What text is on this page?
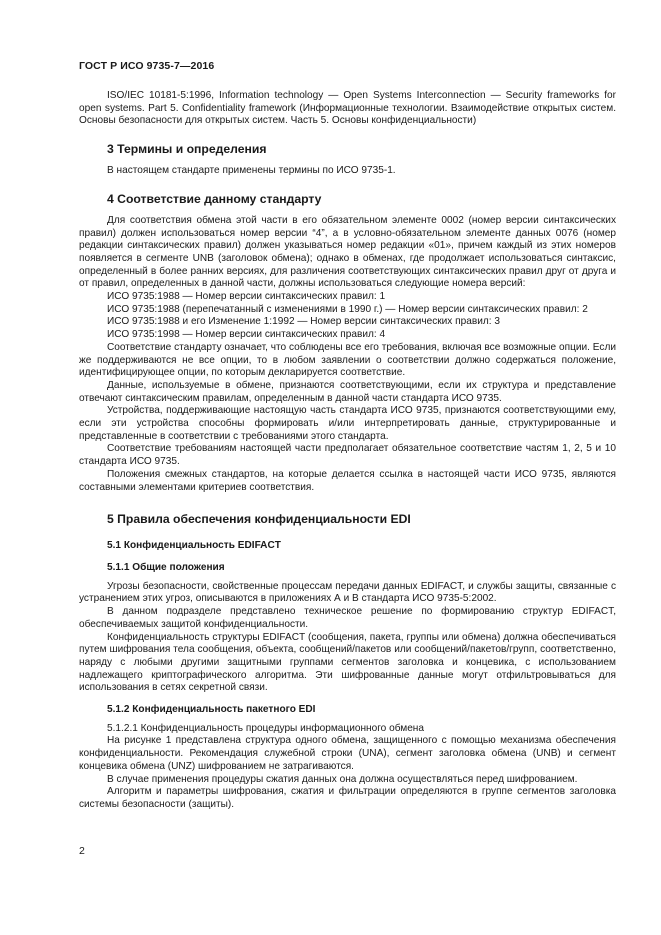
ГОСТ Р ИСО 9735-7—2016

ISO/IEC 10181-5:1996, Information technology — Open Systems Interconnection — Security frameworks for open systems. Part 5. Confidentiality framework (Информационные технологии. Взаимодействие открытых систем. Основы безопасности для открытых систем. Часть 5. Основы конфиденциальности)

3 Термины и определения

В настоящем стандарте применены термины по ИСО 9735-1.

4 Соответствие данному стандарту

Для соответствия обмена этой части в его обязательном элементе 0002 (номер версии синтаксических правил) должен использоваться номер версии “4”, а в условно-обязательном элементе данных 0076 (номер редакции синтаксических правил) должен указываться номер редакции «01», причем каждый из этих номеров появляется в сегменте UNB (заголовок обмена); однако в обменах, где продолжает использоваться синтаксис, определенный в более ранних версиях, для различения соответствующих синтаксических правил друг от друга и от правил, определенных в данной части, должны использоваться следующие номера версий:

ИСО 9735:1988 — Номер версии синтаксических правил: 1

ИСО 9735:1988 (перепечатанный с изменениями в 1990 г.) — Номер версии синтаксических правил: 2

ИСО 9735:1988 и его Изменение 1:1992 — Номер версии синтаксических правил: 3

ИСО 9735:1998 — Номер версии синтаксических правил: 4

Соответствие стандарту означает, что соблюдены все его требования, включая все возможные опции. Если же поддерживаются не все опции, то в любом заявлении о соответствии должно содержаться положение, идентифицирующее опции, по которым декларируется соответствие.

Данные, используемые в обмене, признаются соответствующими, если их структура и представление отвечают синтаксическим правилам, определенным в данной части стандарта ИСО 9735.

Устройства, поддерживающие настоящую часть стандарта ИСО 9735, признаются соответствующими ему, если эти устройства способны формировать и/или интерпретировать данные, структурированные и представленные в соответствии с требованиями этого стандарта.

Соответствие требованиям настоящей части предполагает обязательное соответствие частям 1, 2, 5 и 10 стандарта ИСО 9735.

Положения смежных стандартов, на которые делается ссылка в настоящей части ИСО 9735, являются составными элементами критериев соответствия.

5 Правила обеспечения конфиденциальности EDI
5.1 Конфиденциальность EDIFACT
5.1.1 Общие положения

Угрозы безопасности, свойственные процессам передачи данных EDIFACT, и службы защиты, связанные с устранением этих угроз, описываются в приложениях А и В стандарта ИСО 9735-5:2002.

В данном подразделе представлено техническое решение по формированию структур EDIFACT, обеспечиваемых защитой конфиденциальности.

Конфиденциальность структуры EDIFACT (сообщения, пакета, группы или обмена) должна обеспечиваться путем шифрования тела сообщения, объекта, сообщений/пакетов или сообщений/пакетов/групп, соответственно, наряду с любыми другими защитными группами сегментов заголовка и концевика, с использованием надлежащего криптографического алгоритма. Эти шифрованные данные могут отфильтровываться для использования в сетях секретной связи.

5.1.2 Конфиденциальность пакетного EDI

5.1.2.1 Конфиденциальность процедуры информационного обмена

На рисунке 1 представлена структура одного обмена, защищенного с помощью механизма обеспечения конфиденциальности. Рекомендация служебной строки (UNA), сегмент заголовка обмена (UNB) и сегмент концевика обмена (UNZ) шифрованием не затрагиваются.

В случае применения процедуры сжатия данных она должна осуществляться перед шифрованием.

Алгоритм и параметры шифрования, сжатия и фильтрации определяются в группе сегментов заголовка системы безопасности (защиты).

2
